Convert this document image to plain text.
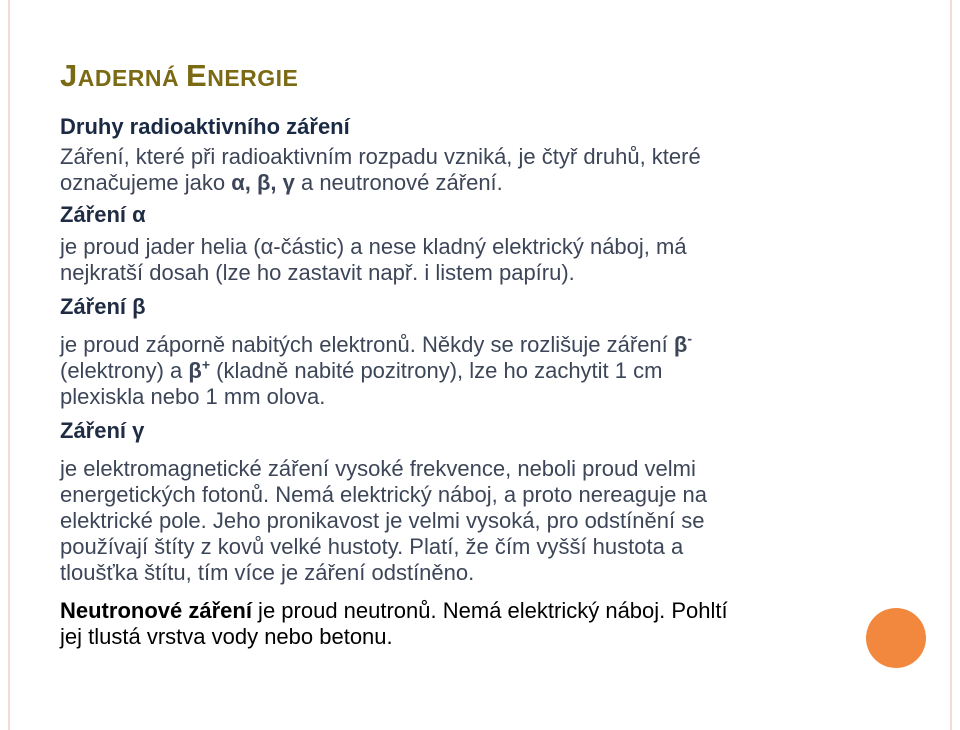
JADERNÁ ENERGIE

Druhy radioaktivního záření

Záření, které při radioaktivním rozpadu vzniká, je čtyř druhů, které

označujeme jako α, β, γ a neutronové záření.

Záření α

je proud jader helia (α-částic) a nese kladný elektrický náboj, má

nejkratší dosah (lze ho zastavit např. i listem papíru).

Záření β

je proud záporně nabitých elektronů. Někdy se rozlišuje záření β-

(elektrony) a β+ (kladně nabité pozitrony), lze ho zachytit 1 cm

plexiskla nebo 1 mm olova.

Záření γ

je elektromagnetické záření vysoké frekvence, neboli proud velmi

energetických fotonů. Nemá elektrický náboj, a proto nereaguje na

elektrické pole. Jeho pronikavost je velmi vysoká, pro odstínění se

používají štíty z kovů velké hustoty. Platí, že čím vyšší hustota a

tloušťka štítu, tím více je záření odstíněno.

Neutronové záření je proud neutronů. Nemá elektrický náboj. Pohltí

jej tlustá vrstva vody nebo betonu.
